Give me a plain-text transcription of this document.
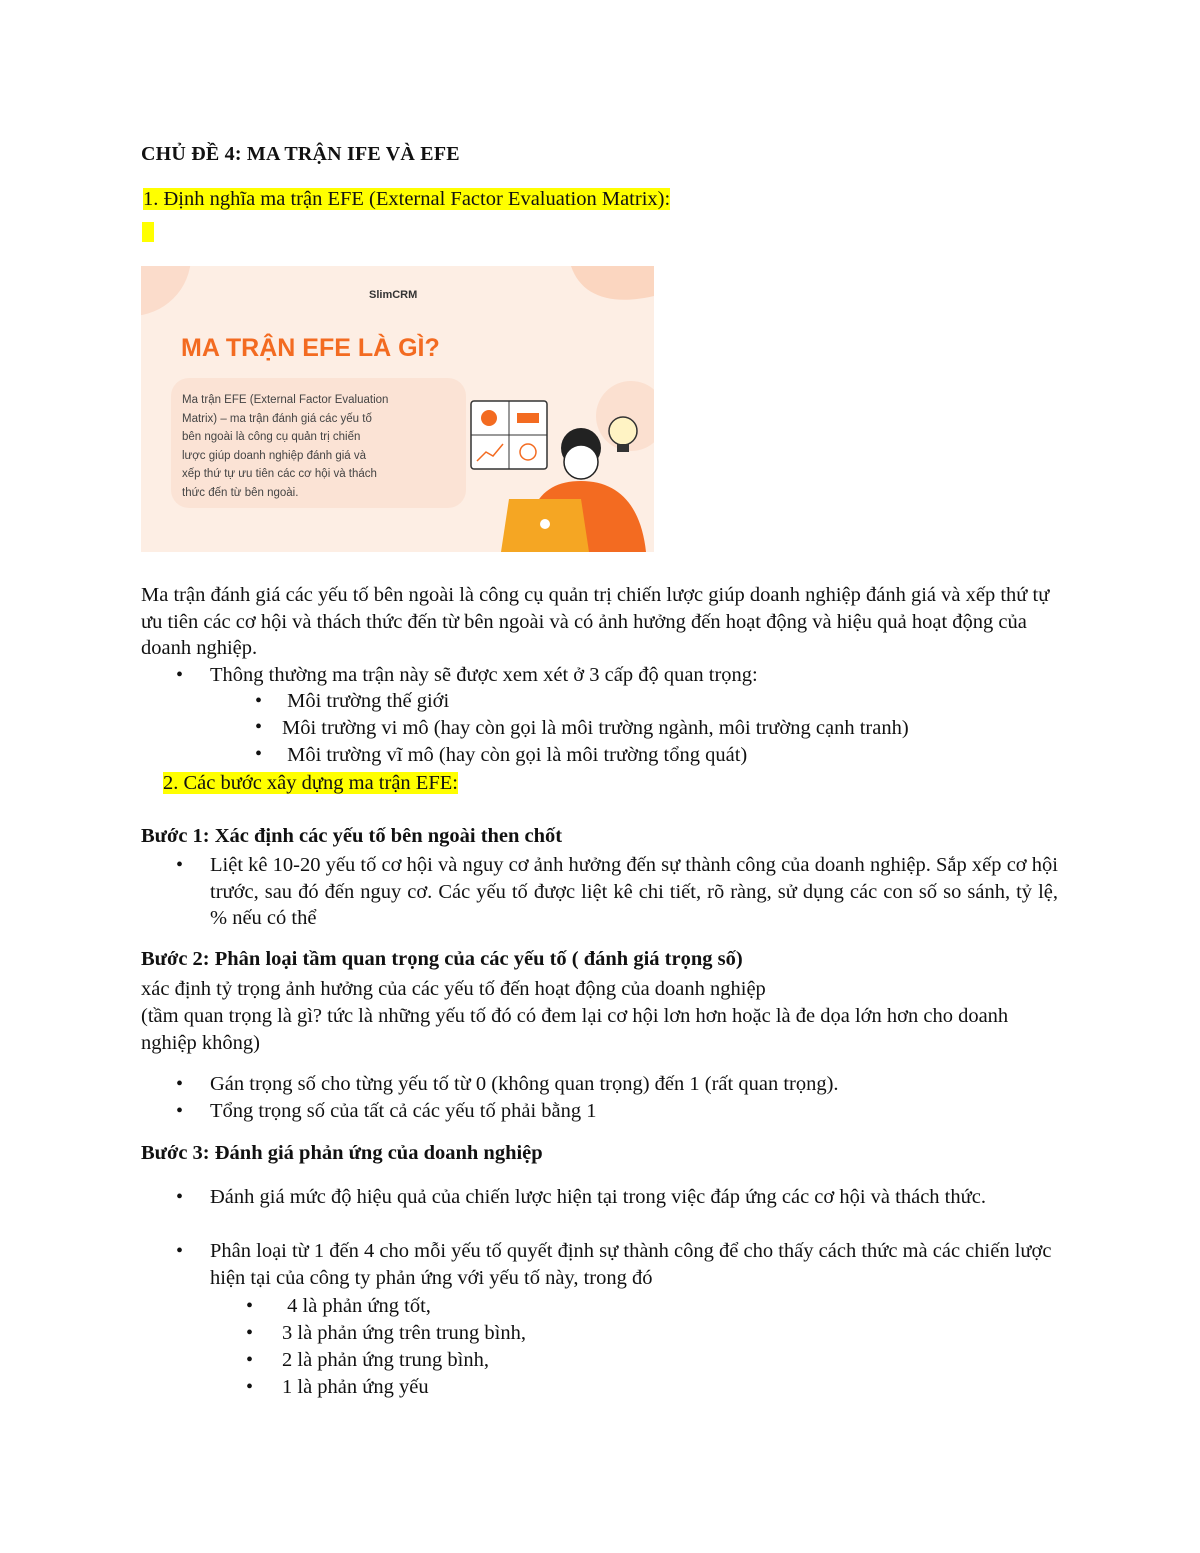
CHỦ ĐỀ 4: MA TRẬN IFE VÀ EFE
1. Định nghĩa ma trận EFE (External Factor Evaluation Matrix):
SlimCRM
MA TRẬN EFE LÀ GÌ?
Ma trận EFE (External Factor Evaluation
Matrix) – ma trận đánh giá các yếu tố
bên ngoài là công cụ quản trị chiến
lược giúp doanh nghiệp đánh giá và
xếp thứ tự ưu tiên các cơ hội và thách
thức đến từ bên ngoài.
Ma trận đánh giá các yếu tố bên ngoài là công cụ quản trị chiến lược giúp doanh nghiệp đánh giá và xếp thứ tự ưu tiên các cơ hội và thách thức đến từ bên ngoài và có ảnh hưởng đến hoạt động và hiệu quả hoạt động của doanh nghiệp.
• Thông thường ma trận này sẽ được xem xét ở 3 cấp độ quan trọng:
• Môi trường thế giới
• Môi trường vi mô (hay còn gọi là môi trường ngành, môi trường cạnh tranh)
• Môi trường vĩ mô (hay còn gọi là môi trường tổng quát)
2. Các bước xây dựng ma trận EFE:
Bước 1: Xác định các yếu tố bên ngoài then chốt
• Liệt kê 10-20 yếu tố cơ hội và nguy cơ ảnh hưởng đến sự thành công của doanh nghiệp. Sắp xếp cơ hội trước, sau đó đến nguy cơ. Các yếu tố được liệt kê chi tiết, rõ ràng, sử dụng các con số so sánh, tỷ lệ, % nếu có thể
Bước 2: Phân loại tầm quan trọng của các yếu tố ( đánh giá trọng số)
xác định tỷ trọng ảnh hưởng của các yếu tố đến hoạt động của doanh nghiệp
(tầm quan trọng là gì? tức là những yếu tố đó có đem lại cơ hội lơn hơn hoặc là đe dọa lớn hơn cho doanh nghiệp không)
• Gán trọng số cho từng yếu tố từ 0 (không quan trọng) đến 1 (rất quan trọng).
• Tổng trọng số của tất cả các yếu tố phải bằng 1
Bước 3: Đánh giá phản ứng của doanh nghiệp
• Đánh giá mức độ hiệu quả của chiến lược hiện tại trong việc đáp ứng các cơ hội và thách thức.
• Phân loại từ 1 đến 4 cho mỗi yếu tố quyết định sự thành công để cho thấy cách thức mà các chiến lược hiện tại của công ty phản ứng với yếu tố này, trong đó
• 4 là phản ứng tốt,
• 3 là phản ứng trên trung bình,
• 2 là phản ứng trung bình,
• 1 là phản ứng yếu
